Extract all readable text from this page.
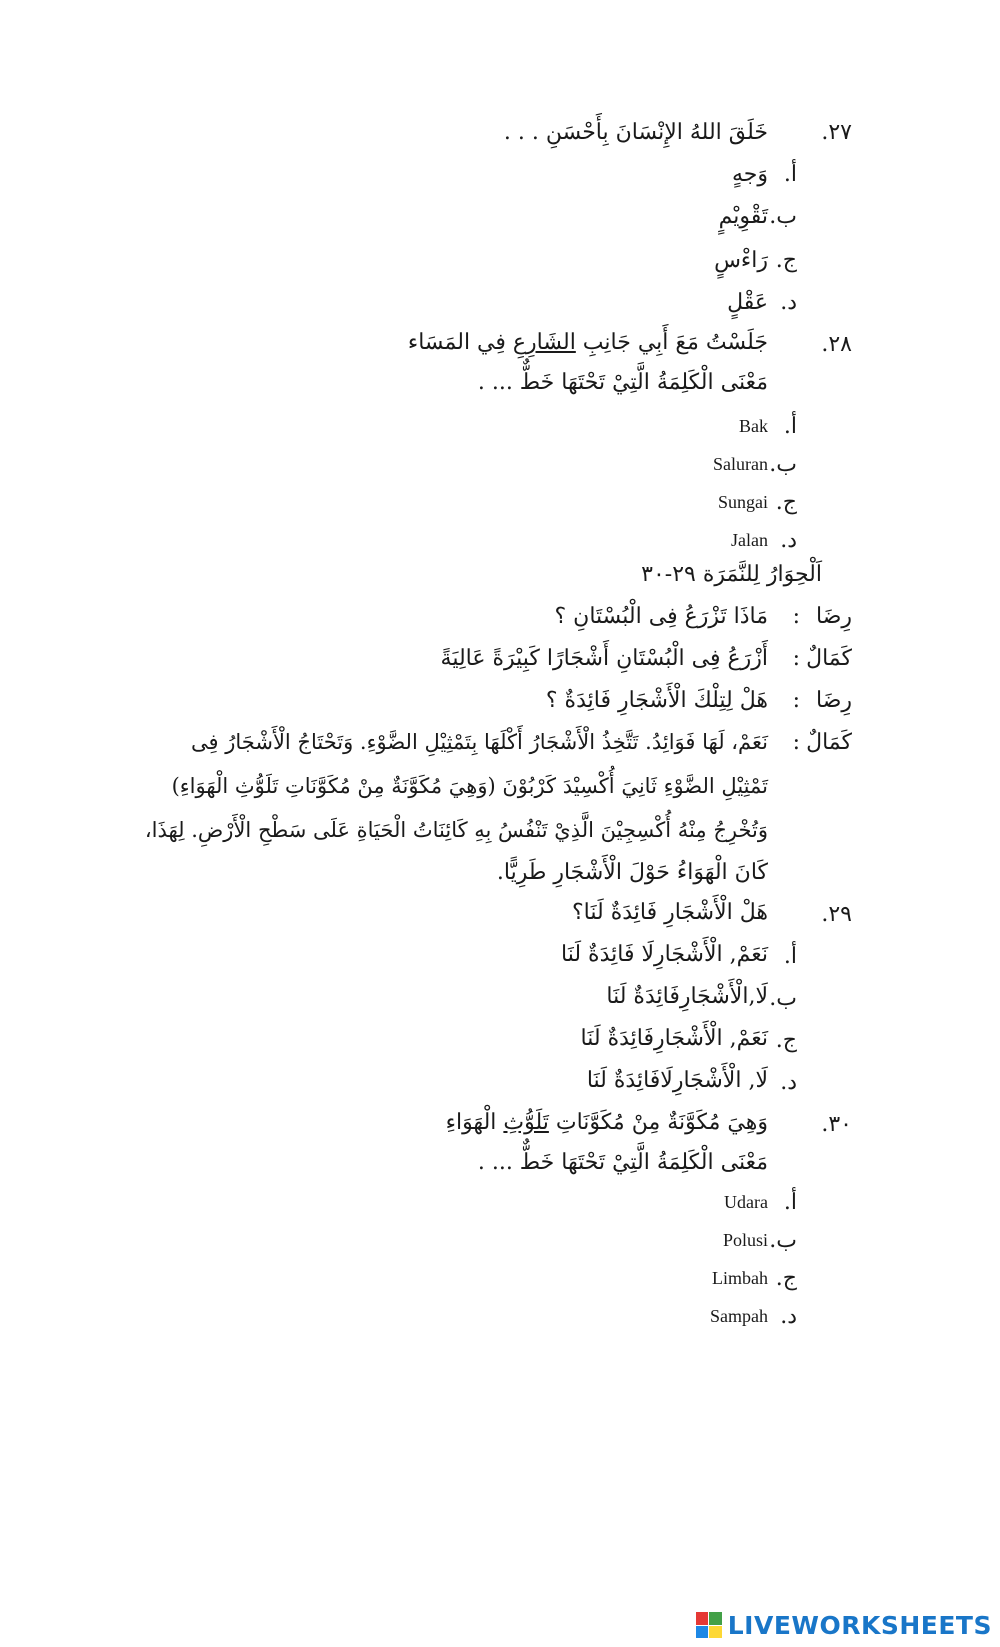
٢٧.
خَلَقَ اللهُ الإِنْسَانَ بِأَحْسَنِ . . .
أ.
وَجهٍ
ب.
تَقْوِيْمٍ
ج.
رَاءْسٍ
د.
عَقْلٍ
٢٨.
جَلَسْتُ مَعَ أَبِي جَانِبِ الشَارِعِ فِي المَسَاء
مَعْنَى الْكَلِمَةُ الَّتِيْ تَحْتَهَا خَطٌّ ... .
أ.
Bak
ب.
Saluran
ج.
Sungai
د.
Jalan
اَلْحِوَارُ لِلنَّمَرَة ٢٩-٣٠
رِضَا
:
مَاذَا تَزْرَعُ فِى الْبُسْتَانِ ؟
كَمَالٌ
:
أَزْرَعُ فِى الْبُسْتَانِ أَشْجَارًا كَبِيْرَةً عَالِيَةً
رِضَا
:
هَلْ لِتِلْكَ الْأَشْجَارِ فَائِدَةٌ ؟
كَمَالٌ
:
نَعَمْ، لَهَا فَوَائِدُ. تَتَّخِذُ الْأَشْجَارُ أَكْلَهَا بِتَمْثِيْلِ الضَّوْءِ. وَتَحْتَاجُ الْأَشْجَارُ فِى
تَمْثِيْلِ الضَّوْءِ ثَانِيَ أُكْسِيْدَ كَرْبُوْنَ (وَهِيَ مُكَوَّنَةٌ مِنْ مُكَوَّنَاتِ تَلَوُّثِ الْهَوَاءِ)
وَتُخْرِجُ مِنْهُ أُكْسِجِيْنَ الَّذِيْ تَنْفُسُ بِهِ كَائِنَاتُ الْحَيَاةِ عَلَى سَطْحِ الْأَرْضِ. لِهَذَا،
كَانَ الْهَوَاءُ حَوْلَ الْأَشْجَارِ طَرِيًّا.
٢٩.
هَلْ الْأَشْجَارِ فَائِدَةٌ لَنَا؟
أ.
نَعَمْ, الْأَشْجَارِلَا فَائِدَةٌ لَنَا
ب.
لَا,الْأَشْجَارِفَائِدَةٌ لَنَا
ج.
نَعَمْ, الْأَشْجَارِفَائِدَةٌ لَنَا
د.
لَا, الْأَشْجَارِلَافَائِدَةٌ لَنَا
٣٠.
وَهِيَ مُكَوَّنَةٌ مِنْ مُكَوَّنَاتِ تَلَوُّثِ الْهَوَاءِ
مَعْنَى الْكَلِمَةُ الَّتِيْ تَحْتَهَا خَطٌّ ... .
أ.
Udara
ب.
Polusi
ج.
Limbah
د.
Sampah
LIVEWORKSHEETS
